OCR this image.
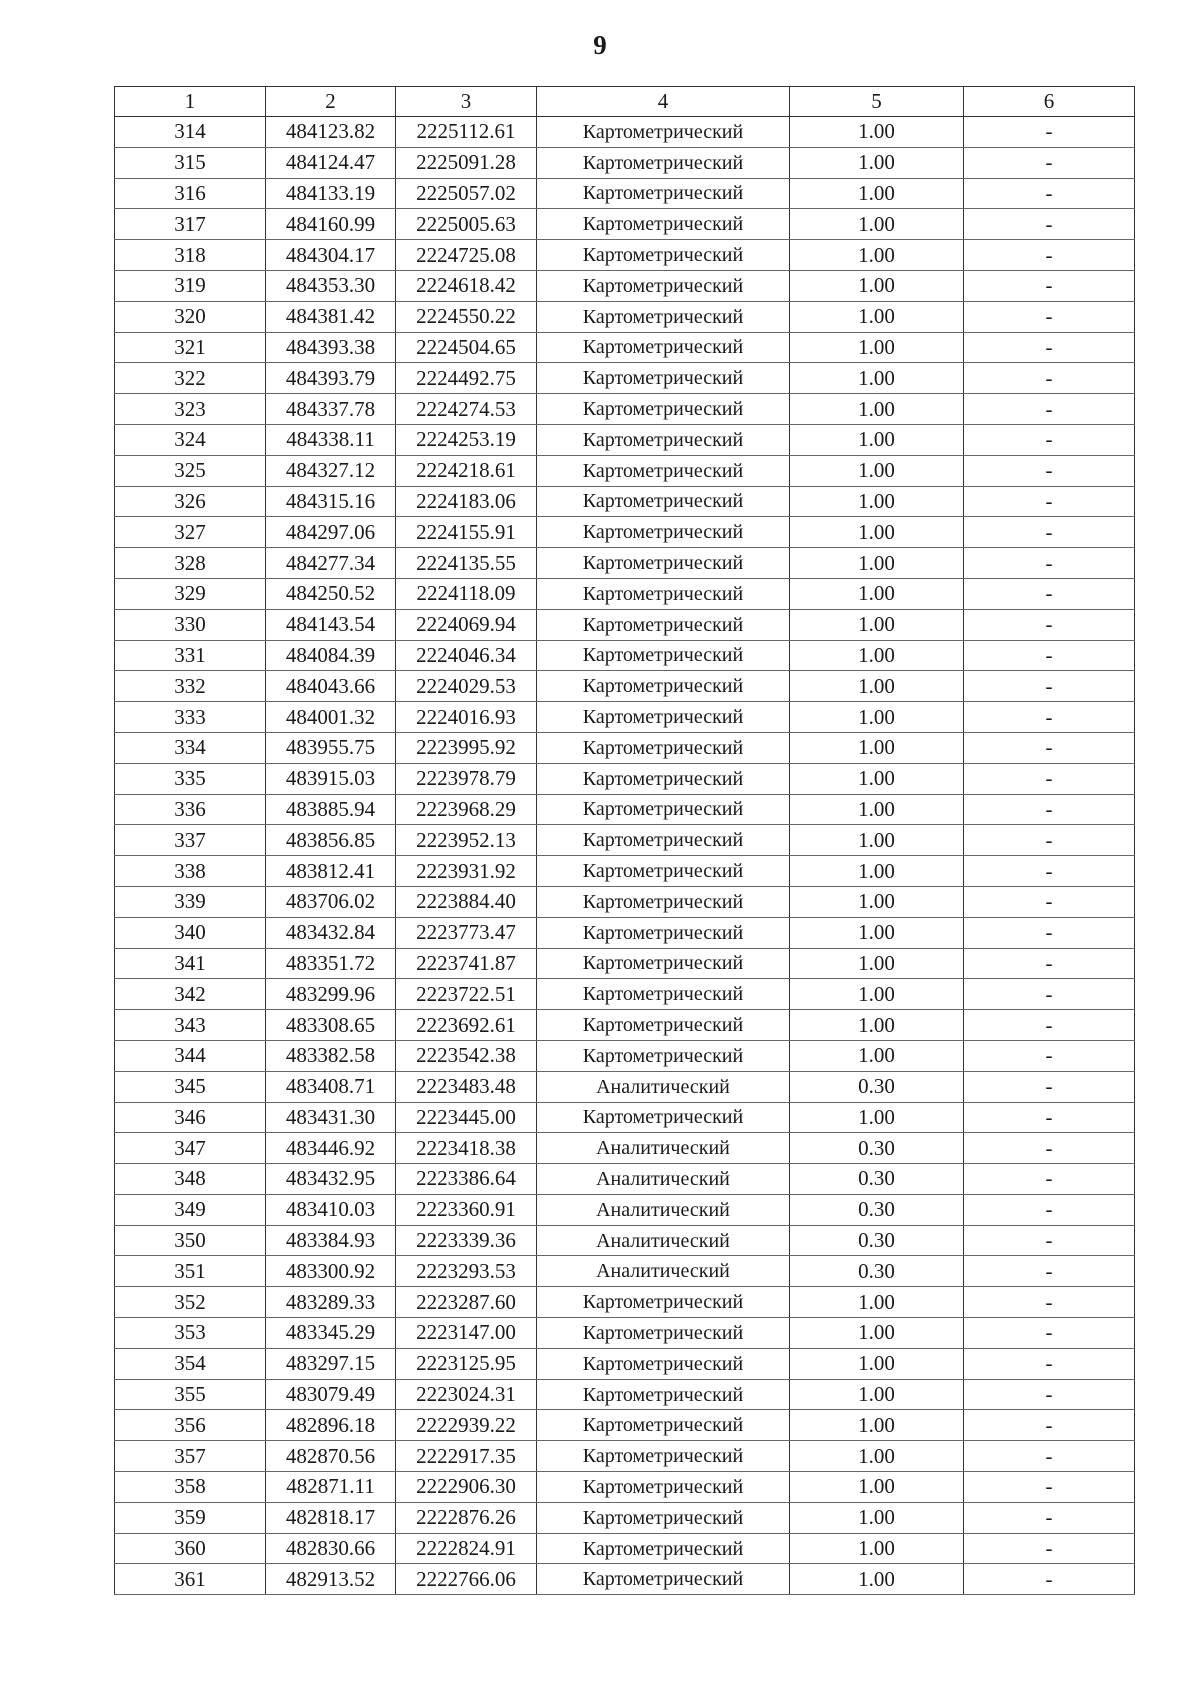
9
1	2	3	4	5	6
314	484123.82	2225112.61	Картометрический	1.00	-
315	484124.47	2225091.28	Картометрический	1.00	-
316	484133.19	2225057.02	Картометрический	1.00	-
317	484160.99	2225005.63	Картометрический	1.00	-
318	484304.17	2224725.08	Картометрический	1.00	-
319	484353.30	2224618.42	Картометрический	1.00	-
320	484381.42	2224550.22	Картометрический	1.00	-
321	484393.38	2224504.65	Картометрический	1.00	-
322	484393.79	2224492.75	Картометрический	1.00	-
323	484337.78	2224274.53	Картометрический	1.00	-
324	484338.11	2224253.19	Картометрический	1.00	-
325	484327.12	2224218.61	Картометрический	1.00	-
326	484315.16	2224183.06	Картометрический	1.00	-
327	484297.06	2224155.91	Картометрический	1.00	-
328	484277.34	2224135.55	Картометрический	1.00	-
329	484250.52	2224118.09	Картометрический	1.00	-
330	484143.54	2224069.94	Картометрический	1.00	-
331	484084.39	2224046.34	Картометрический	1.00	-
332	484043.66	2224029.53	Картометрический	1.00	-
333	484001.32	2224016.93	Картометрический	1.00	-
334	483955.75	2223995.92	Картометрический	1.00	-
335	483915.03	2223978.79	Картометрический	1.00	-
336	483885.94	2223968.29	Картометрический	1.00	-
337	483856.85	2223952.13	Картометрический	1.00	-
338	483812.41	2223931.92	Картометрический	1.00	-
339	483706.02	2223884.40	Картометрический	1.00	-
340	483432.84	2223773.47	Картометрический	1.00	-
341	483351.72	2223741.87	Картометрический	1.00	-
342	483299.96	2223722.51	Картометрический	1.00	-
343	483308.65	2223692.61	Картометрический	1.00	-
344	483382.58	2223542.38	Картометрический	1.00	-
345	483408.71	2223483.48	Аналитический	0.30	-
346	483431.30	2223445.00	Картометрический	1.00	-
347	483446.92	2223418.38	Аналитический	0.30	-
348	483432.95	2223386.64	Аналитический	0.30	-
349	483410.03	2223360.91	Аналитический	0.30	-
350	483384.93	2223339.36	Аналитический	0.30	-
351	483300.92	2223293.53	Аналитический	0.30	-
352	483289.33	2223287.60	Картометрический	1.00	-
353	483345.29	2223147.00	Картометрический	1.00	-
354	483297.15	2223125.95	Картометрический	1.00	-
355	483079.49	2223024.31	Картометрический	1.00	-
356	482896.18	2222939.22	Картометрический	1.00	-
357	482870.56	2222917.35	Картометрический	1.00	-
358	482871.11	2222906.30	Картометрический	1.00	-
359	482818.17	2222876.26	Картометрический	1.00	-
360	482830.66	2222824.91	Картометрический	1.00	-
361	482913.52	2222766.06	Картометрический	1.00	-
